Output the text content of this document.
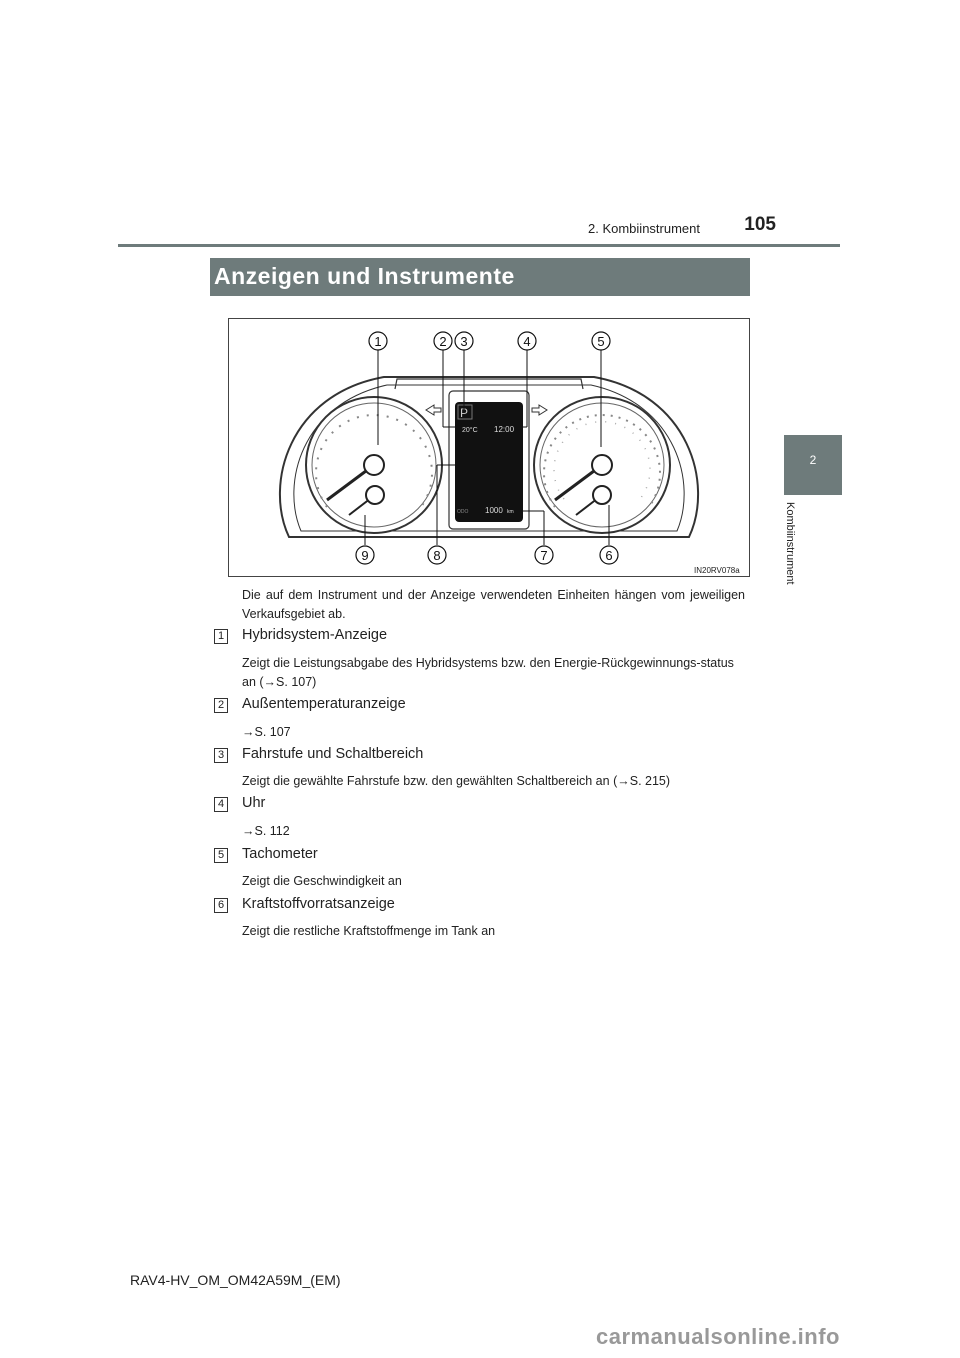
105
2. Kombiinstrument
2
Kombiinstrument
Anzeigen und Instrumente
P
20°C 12:00
ODO 1000 km
1	2 3	4	5
9	8	7	6
IN20RV078a
Die auf dem Instrument und der Anzeige verwendeten Einheiten hängen vom jeweiligen Verkaufsgebiet ab.
1 Hybridsystem-Anzeige
Zeigt die Leistungsabgabe des Hybridsystems bzw. den Energie-Rückgewinnungs-status an (→S. 107)
2 Außentemperaturanzeige
→S. 107
3 Fahrstufe und Schaltbereich
Zeigt die gewählte Fahrstufe bzw. den gewählten Schaltbereich an (→S. 215)
4 Uhr
→S. 112
5 Tachometer
Zeigt die Geschwindigkeit an
6 Kraftstoffvorratsanzeige
Zeigt die restliche Kraftstoffmenge im Tank an
RAV4-HV_OM_OM42A59M_(EM)
carmanualsonline.info
